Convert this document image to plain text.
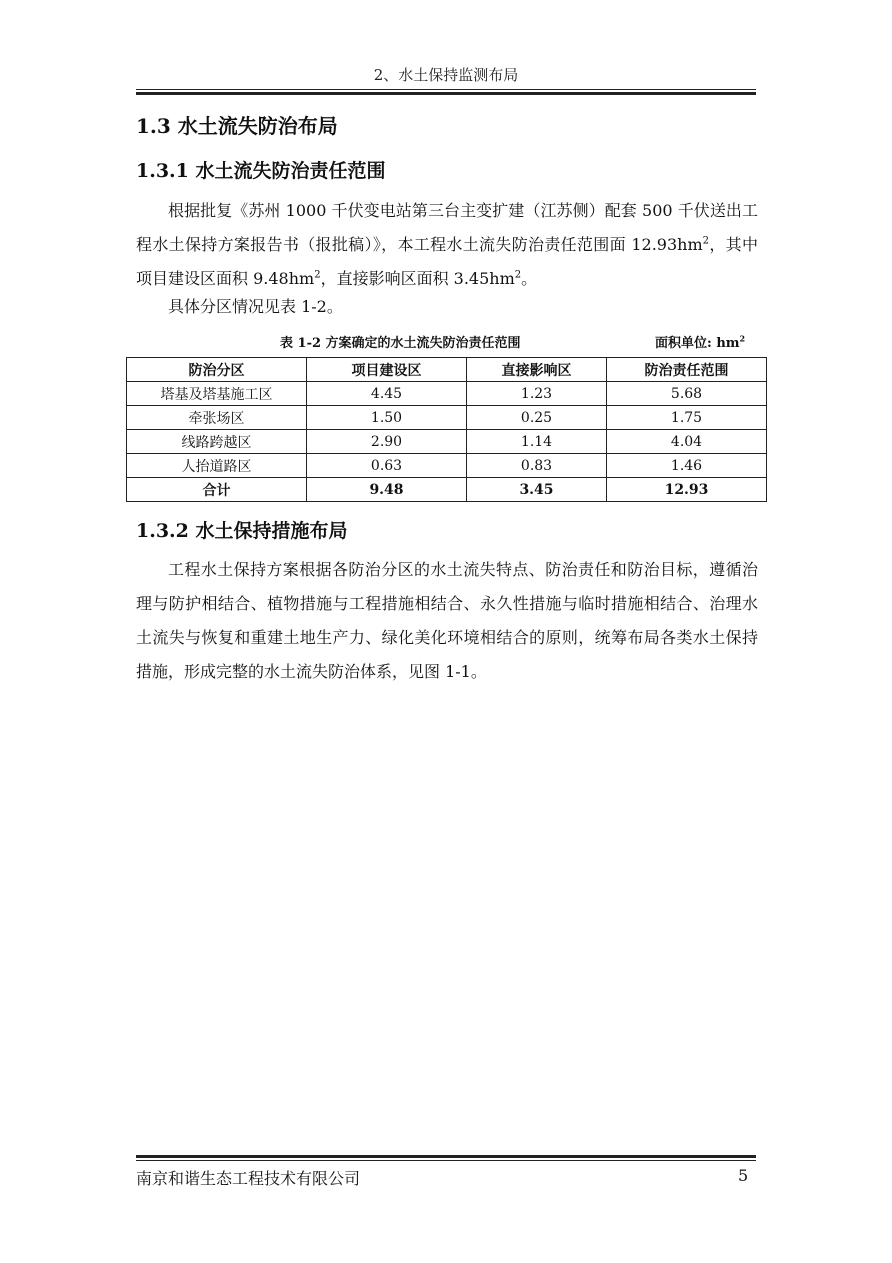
2、水土保持监测布局
1.3 水土流失防治布局
1.3.1 水土流失防治责任范围

根据批复《苏州 1000 千伏变电站第三台主变扩建（江苏侧）配套 500 千伏送出工程水土保持方案报告书（报批稿）》，本工程水土流失防治责任范围面 $12.93hm^2$，其中项目建设区面积 $9.48hm^2$，直接影响区面积 $3.45hm^2$。

具体分区情况见表 1-2。

表 1-2 方案确定的水土流失防治责任范围	面积单位: $hm^2$
防治分区	项目建设区	直接影响区	防治责任范围
塔基及塔基施工区	4.45	1.23	5.68
牵张场区	1.50	0.25	1.75
线路跨越区	2.90	1.14	4.04
人抬道路区	0.63	0.83	1.46
合计	9.48	3.45	12.93
1.3.2 水土保持措施布局

工程水土保持方案根据各防治分区的水土流失特点、防治责任和防治目标，遵循治理与防护相结合、植物措施与工程措施相结合、永久性措施与临时措施相结合、治理水土流失与恢复和重建土地生产力、绿化美化环境相结合的原则，统筹布局各类水土保持措施，形成完整的水土流失防治体系，见图 1-1。

南京和谐生态工程技术有限公司	5
